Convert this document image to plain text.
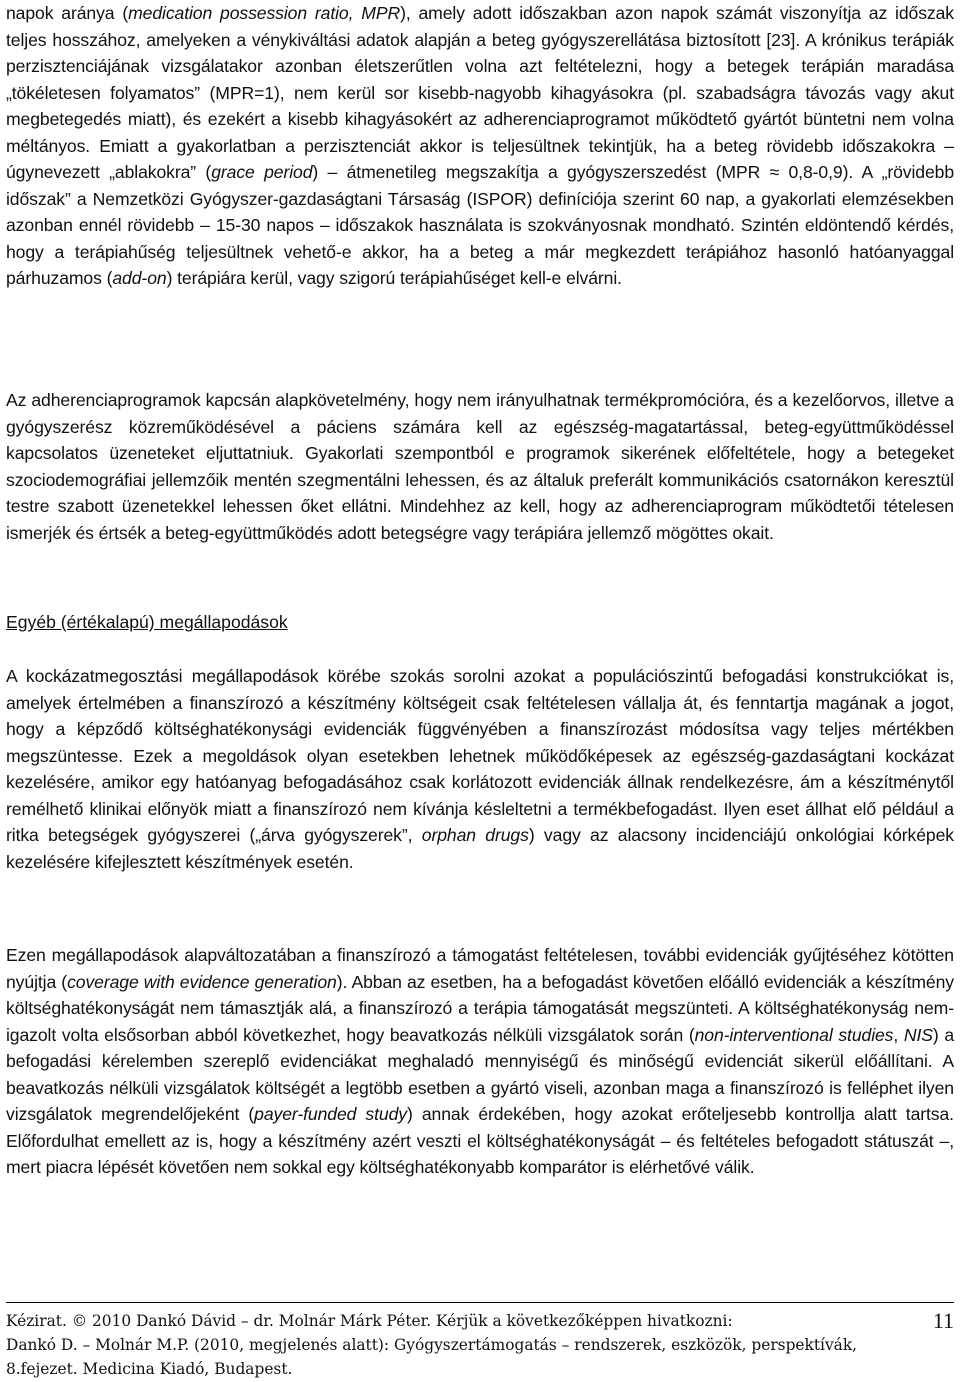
napok aránya (medication possession ratio, MPR), amely adott időszakban azon napok számát viszonyítja az időszak teljes hosszához, amelyeken a vénykiváltási adatok alapján a beteg gyógyszerellátása biztosított [23]. A krónikus terápiák perzisztenciájának vizsgálatakor azonban életszerűtlen volna azt feltételezni, hogy a betegek terápián maradása „tökéletesen folyamatos” (MPR=1), nem kerül sor kisebb-nagyobb kihagyásokra (pl. szabadságra távozás vagy akut megbetegedés miatt), és ezekért a kisebb kihagyásokért az adherenciaprogramot működtető gyártót büntetni nem volna méltányos. Emiatt a gyakorlatban a perzisztenciát akkor is teljesültnek tekintjük, ha a beteg rövidebb időszakokra – úgynevezett „ablakokra” (grace period) – átmenetileg megszakítja a gyógyszerszedést (MPR ≈ 0,8-0,9). A „rövidebb időszak” a Nemzetközi Gyógyszer-gazdaságtani Társaság (ISPOR) definíciója szerint 60 nap, a gyakorlati elemzésekben azonban ennél rövidebb – 15-30 napos – időszakok használata is szokványosnak mondható. Szintén eldöntendő kérdés, hogy a terápiahűség teljesültnek vehető-e akkor, ha a beteg a már megkezdett terápiához hasonló hatóanyaggal párhuzamos (add-on) terápiára kerül, vagy szigorú terápiahűséget kell-e elvárni.

Az adherenciaprogramok kapcsán alapkövetelmény, hogy nem irányulhatnak termékpromócióra, és a kezelőorvos, illetve a gyógyszerész közreműködésével a páciens számára kell az egészség-magatartással, beteg-együttműködéssel kapcsolatos üzeneteket eljuttatniuk. Gyakorlati szempontból e programok sikerének előfeltétele, hogy a betegeket szociodemográfiai jellemzőik mentén szegmentálni lehessen, és az általuk preferált kommunikációs csatornákon keresztül testre szabott üzenetekkel lehessen őket ellátni. Mindehhez az kell, hogy az adherenciaprogram működtetői tételesen ismerjék és értsék a beteg-együttműködés adott betegségre vagy terápiára jellemző mögöttes okait.

Egyéb (értékalapú) megállapodások

A kockázatmegosztási megállapodások körébe szokás sorolni azokat a populációszintű befogadási konstrukciókat is, amelyek értelmében a finanszírozó a készítmény költségeit csak feltételesen vállalja át, és fenntartja magának a jogot, hogy a képződő költséghatékonysági evidenciák függvényében a finanszírozást módosítsa vagy teljes mértékben megszüntesse. Ezek a megoldások olyan esetekben lehetnek működőképesek az egészség-gazdaságtani kockázat kezelésére, amikor egy hatóanyag befogadásához csak korlátozott evidenciák állnak rendelkezésre, ám a készítménytől remélhető klinikai előnyök miatt a finanszírozó nem kívánja késleltetni a termékbefogadást. Ilyen eset állhat elő például a ritka betegségek gyógyszerei („árva gyógyszerek”, orphan drugs) vagy az alacsony incidenciájú onkológiai kórképek kezelésére kifejlesztett készítmények esetén.

Ezen megállapodások alapváltozatában a finanszírozó a támogatást feltételesen, további evidenciák gyűjtéséhez kötötten nyújtja (coverage with evidence generation). Abban az esetben, ha a befogadást követően előálló evidenciák a készítmény költséghatékonyságát nem támasztják alá, a finanszírozó a terápia támogatását megszünteti. A költséghatékonyság nem-igazolt volta elsősorban abból következhet, hogy beavatkozás nélküli vizsgálatok során (non-interventional studies, NIS) a befogadási kérelemben szereplő evidenciákat meghaladó mennyiségű és minőségű evidenciát sikerül előállítani. A beavatkozás nélküli vizsgálatok költségét a legtöbb esetben a gyártó viseli, azonban maga a finanszírozó is felléphet ilyen vizsgálatok megrendelőjeként (payer-funded study) annak érdekében, hogy azokat erőteljesebb kontrollja alatt tartsa. Előfordulhat emellett az is, hogy a készítmény azért veszti el költséghatékonyságát – és feltételes befogadott státuszát –, mert piacra lépését követően nem sokkal egy költséghatékonyabb komparátor is elérhetővé válik.

Kézirat. © 2010 Dankó Dávid – dr. Molnár Márk Péter. Kérjük a következőképpen hivatkozni:
Dankó D. – Molnár M.P. (2010, megjelenés alatt): Gyógyszertámogatás – rendszerek, eszközök, perspektívák,
8.fejezet. Medicina Kiadó, Budapest.
11
